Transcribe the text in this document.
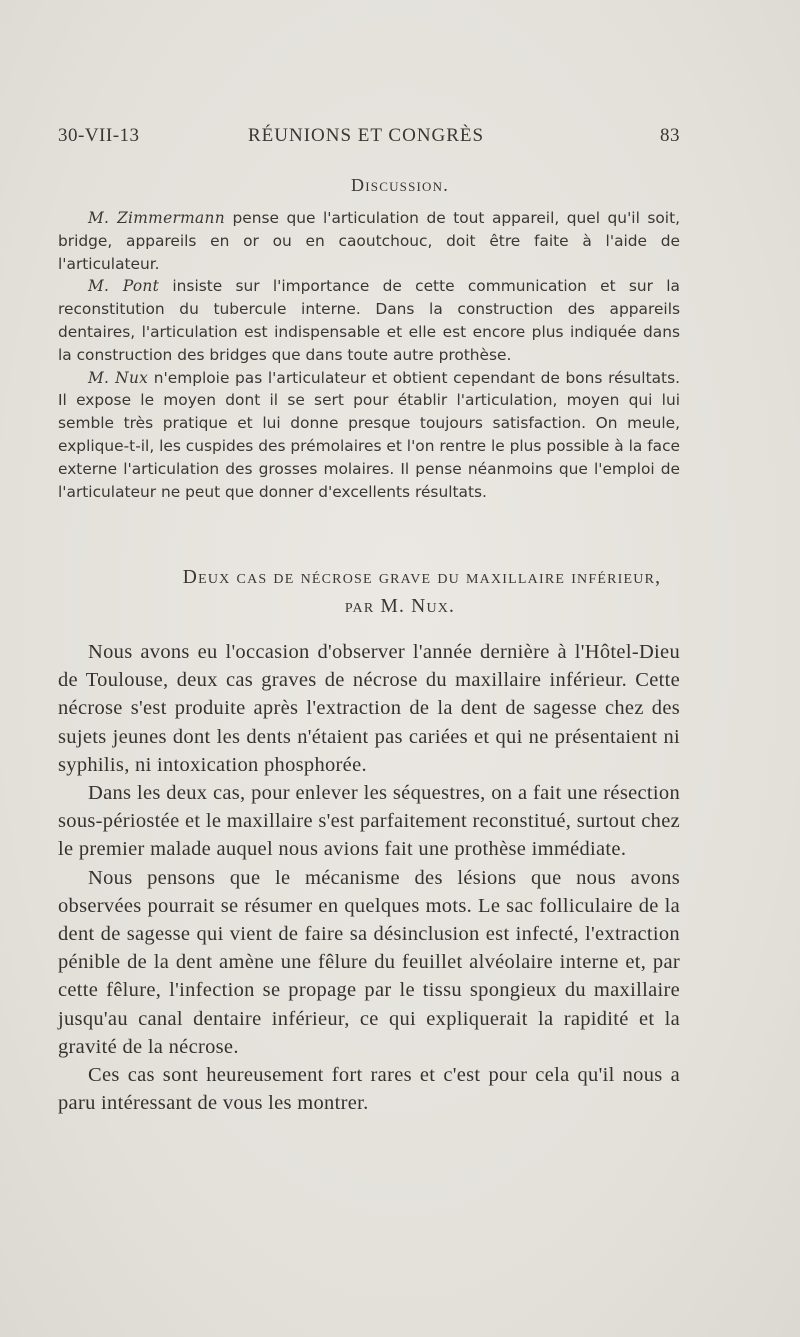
30-VII-13	RÉUNIONS ET CONGRÈS	83
Discussion.

M. Zimmermann pense que l'articulation de tout appareil, quel qu'il soit, bridge, appareils en or ou en caoutchouc, doit être faite à l'aide de l'articulateur.

M. Pont insiste sur l'importance de cette communication et sur la reconstitution du tubercule interne. Dans la construction des appareils dentaires, l'articulation est indispensable et elle est encore plus indiquée dans la construction des bridges que dans toute autre prothèse.

M. Nux n'emploie pas l'articulateur et obtient cependant de bons résultats. Il expose le moyen dont il se sert pour établir l'articulation, moyen qui lui semble très pratique et lui donne presque toujours satisfaction. On meule, explique-t-il, les cuspides des prémolaires et l'on rentre le plus possible à la face externe l'articulation des grosses molaires. Il pense néanmoins que l'emploi de l'articulateur ne peut que donner d'excellents résultats.

Deux cas de nécrose grave du maxillaire inférieur,
par M. Nux.

Nous avons eu l'occasion d'observer l'année dernière à l'Hôtel-Dieu de Toulouse, deux cas graves de nécrose du maxillaire inférieur. Cette nécrose s'est produite après l'extraction de la dent de sagesse chez des sujets jeunes dont les dents n'étaient pas cariées et qui ne présentaient ni syphilis, ni intoxication phosphorée.

Dans les deux cas, pour enlever les séquestres, on a fait une résection sous-périostée et le maxillaire s'est parfaitement reconstitué, surtout chez le premier malade auquel nous avions fait une prothèse immédiate.

Nous pensons que le mécanisme des lésions que nous avons observées pourrait se résumer en quelques mots. Le sac folliculaire de la dent de sagesse qui vient de faire sa désinclusion est infecté, l'extraction pénible de la dent amène une fêlure du feuillet alvéolaire interne et, par cette fêlure, l'infection se propage par le tissu spongieux du maxillaire jusqu'au canal dentaire inférieur, ce qui expliquerait la rapidité et la gravité de la nécrose.

Ces cas sont heureusement fort rares et c'est pour cela qu'il nous a paru intéressant de vous les montrer.
